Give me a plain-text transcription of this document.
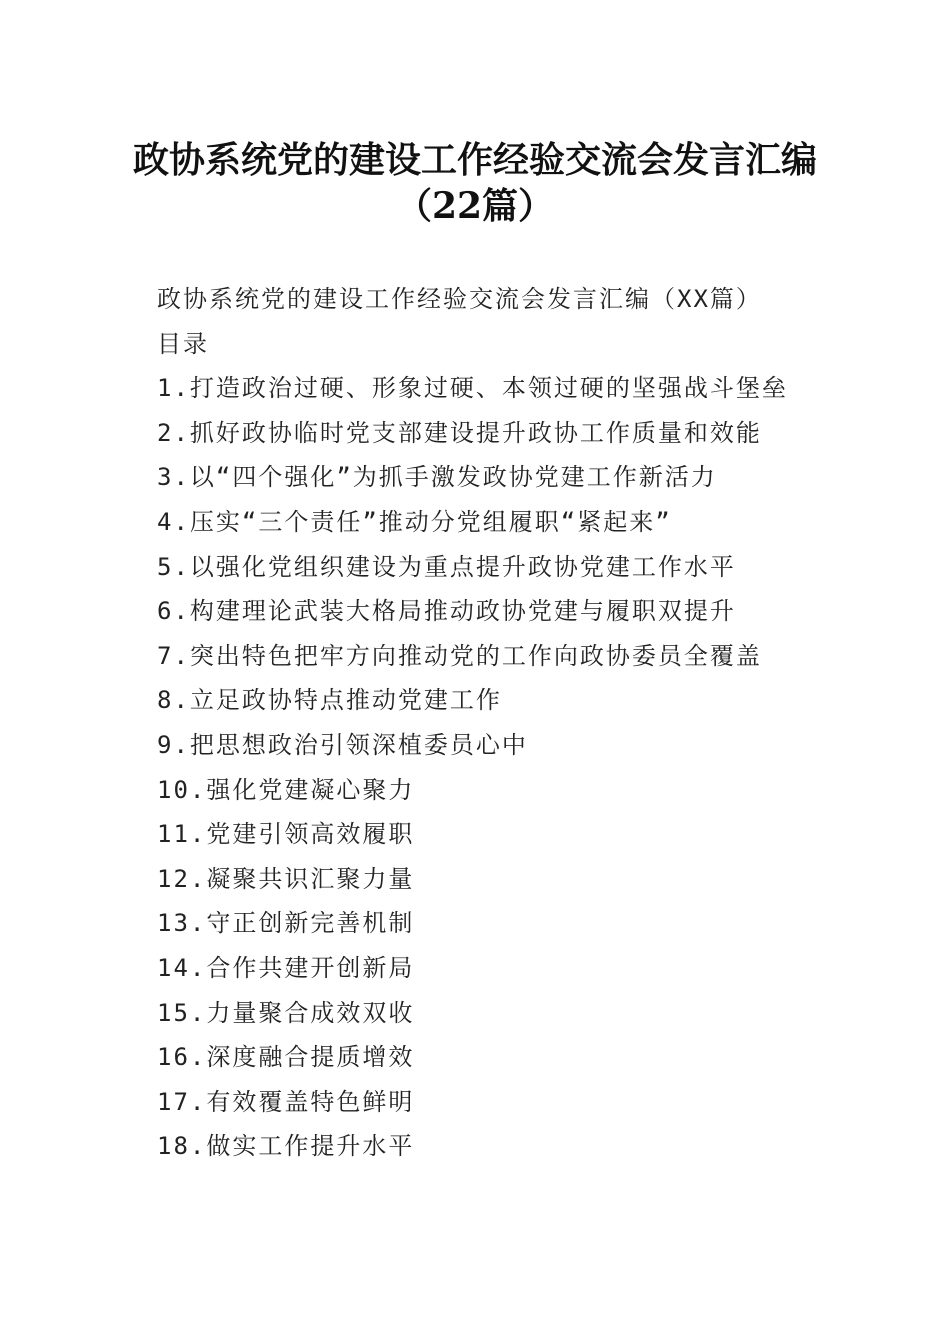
政协系统党的建设工作经验交流会发言汇编
（22篇）
政协系统党的建设工作经验交流会发言汇编（XX篇）
目录
1.打造政治过硬、形象过硬、本领过硬的坚强战斗堡垒
2.抓好政协临时党支部建设提升政协工作质量和效能
3.以“四个强化”为抓手激发政协党建工作新活力
4.压实“三个责任”推动分党组履职“紧起来”
5.以强化党组织建设为重点提升政协党建工作水平
6.构建理论武装大格局推动政协党建与履职双提升
7.突出特色把牢方向推动党的工作向政协委员全覆盖
8.立足政协特点推动党建工作
9.把思想政治引领深植委员心中
10.强化党建凝心聚力
11.党建引领高效履职
12.凝聚共识汇聚力量
13.守正创新完善机制
14.合作共建开创新局
15.力量聚合成效双收
16.深度融合提质增效
17.有效覆盖特色鲜明
18.做实工作提升水平
